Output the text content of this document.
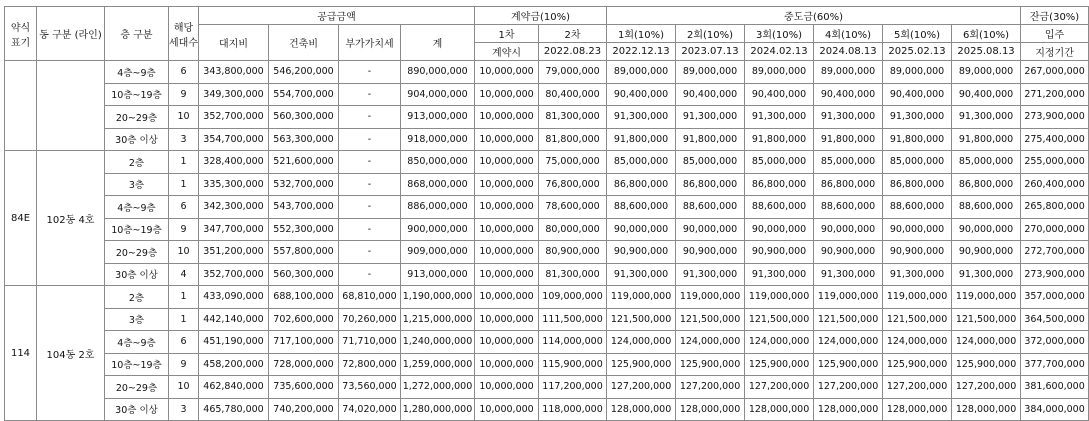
약식 표기	동 구분 (라인)	층 구분	해당 세대수	공급금액				계약금(10%)		중도금(60%)						잔금(30%)
				대지비	건축비	부가가치세	계	1차	2차	1회(10%)	2회(10%)	3회(10%)	4회(10%)	5회(10%)	6회(10%)	입주
								계약시	2022.08.23	2022.12.13	2023.07.13	2024.02.13	2024.08.13	2025.02.13	2025.08.13	지정기간
		4층~9층	6	343,800,000	546,200,000	-	890,000,000	10,000,000	79,000,000	89,000,000	89,000,000	89,000,000	89,000,000	89,000,000	89,000,000	267,000,000
		10층~19층	9	349,300,000	554,700,000	-	904,000,000	10,000,000	80,400,000	90,400,000	90,400,000	90,400,000	90,400,000	90,400,000	90,400,000	271,200,000
		20~29층	10	352,700,000	560,300,000	-	913,000,000	10,000,000	81,300,000	91,300,000	91,300,000	91,300,000	91,300,000	91,300,000	91,300,000	273,900,000
		30층 이상	3	354,700,000	563,300,000	-	918,000,000	10,000,000	81,800,000	91,800,000	91,800,000	91,800,000	91,800,000	91,800,000	91,800,000	275,400,000
84E	102동 4호	2층	1	328,400,000	521,600,000	-	850,000,000	10,000,000	75,000,000	85,000,000	85,000,000	85,000,000	85,000,000	85,000,000	85,000,000	255,000,000
		3층	1	335,300,000	532,700,000	-	868,000,000	10,000,000	76,800,000	86,800,000	86,800,000	86,800,000	86,800,000	86,800,000	86,800,000	260,400,000
		4층~9층	6	342,300,000	543,700,000	-	886,000,000	10,000,000	78,600,000	88,600,000	88,600,000	88,600,000	88,600,000	88,600,000	88,600,000	265,800,000
		10층~19층	9	347,700,000	552,300,000	-	900,000,000	10,000,000	80,000,000	90,000,000	90,000,000	90,000,000	90,000,000	90,000,000	90,000,000	270,000,000
		20~29층	10	351,200,000	557,800,000	-	909,000,000	10,000,000	80,900,000	90,900,000	90,900,000	90,900,000	90,900,000	90,900,000	90,900,000	272,700,000
		30층 이상	4	352,700,000	560,300,000	-	913,000,000	10,000,000	81,300,000	91,300,000	91,300,000	91,300,000	91,300,000	91,300,000	91,300,000	273,900,000
114	104동 2호	2층	1	433,090,000	688,100,000	68,810,000	1,190,000,000	10,000,000	109,000,000	119,000,000	119,000,000	119,000,000	119,000,000	119,000,000	119,000,000	357,000,000
		3층	1	442,140,000	702,600,000	70,260,000	1,215,000,000	10,000,000	111,500,000	121,500,000	121,500,000	121,500,000	121,500,000	121,500,000	121,500,000	364,500,000
		4층~9층	6	451,190,000	717,100,000	71,710,000	1,240,000,000	10,000,000	114,000,000	124,000,000	124,000,000	124,000,000	124,000,000	124,000,000	124,000,000	372,000,000
		10층~19층	9	458,200,000	728,000,000	72,800,000	1,259,000,000	10,000,000	115,900,000	125,900,000	125,900,000	125,900,000	125,900,000	125,900,000	125,900,000	377,700,000
		20~29층	10	462,840,000	735,600,000	73,560,000	1,272,000,000	10,000,000	117,200,000	127,200,000	127,200,000	127,200,000	127,200,000	127,200,000	127,200,000	381,600,000
		30층 이상	3	465,780,000	740,200,000	74,020,000	1,280,000,000	10,000,000	118,000,000	128,000,000	128,000,000	128,000,000	128,000,000	128,000,000	128,000,000	384,000,000
